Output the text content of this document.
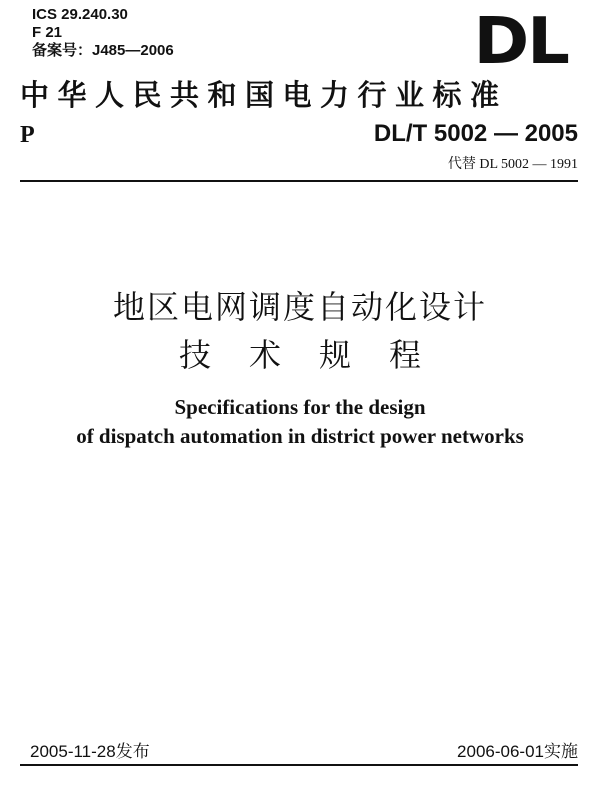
ICS 29.240.30
F 21
备案号：J485—2006	DL
中华人民共和国电力行业标准
P	DL/T 5002 — 2005
代替 DL 5002 — 1991
地区电网调度自动化设计
技术规程
Specifications for the design
of dispatch automation in district power networks
2005-11-28发布	2006-06-01实施
